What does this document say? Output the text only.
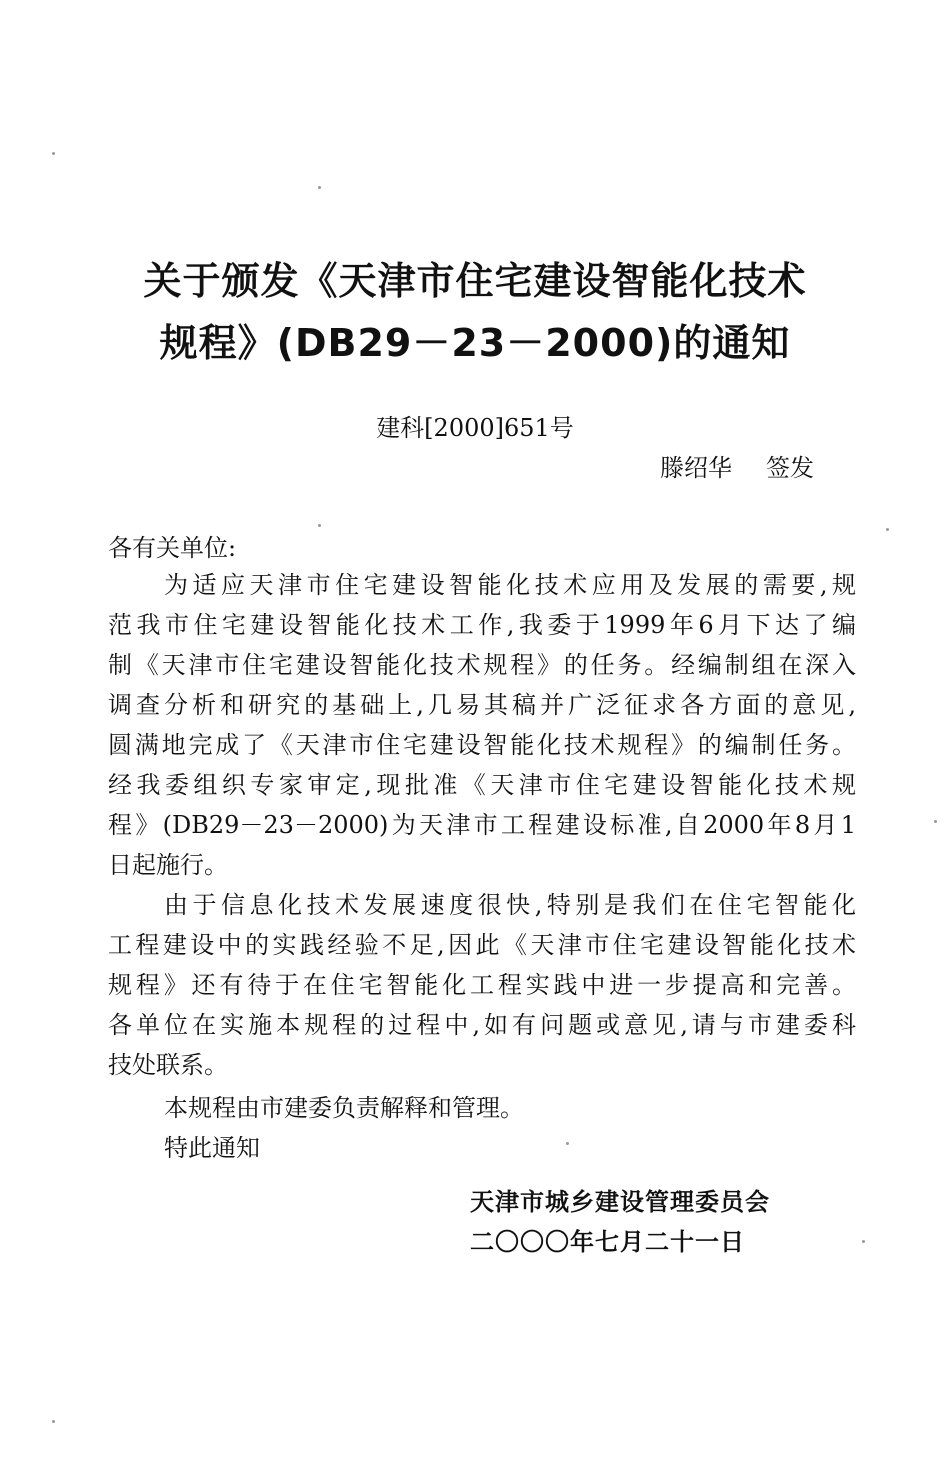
关于颁发《天津市住宅建设智能化技术
规程》(DB29－23－2000)的通知
建科[2000]651号
滕绍华 签发
各有关单位:
为适应天津市住宅建设智能化技术应用及发展的需要,规
范我市住宅建设智能化技术工作,我委于1999年6月下达了编
制《天津市住宅建设智能化技术规程》的任务。经编制组在深入
调查分析和研究的基础上,几易其稿并广泛征求各方面的意见,
圆满地完成了《天津市住宅建设智能化技术规程》的编制任务。
经我委组织专家审定,现批准《天津市住宅建设智能化技术规
程》(DB29－23－2000)为天津市工程建设标准,自2000年8月1
日起施行。
由于信息化技术发展速度很快,特别是我们在住宅智能化
工程建设中的实践经验不足,因此《天津市住宅建设智能化技术
规程》还有待于在住宅智能化工程实践中进一步提高和完善。
各单位在实施本规程的过程中,如有问题或意见,请与市建委科
技处联系。
本规程由市建委负责解释和管理。
特此通知
天津市城乡建设管理委员会
二〇〇〇年七月二十一日
